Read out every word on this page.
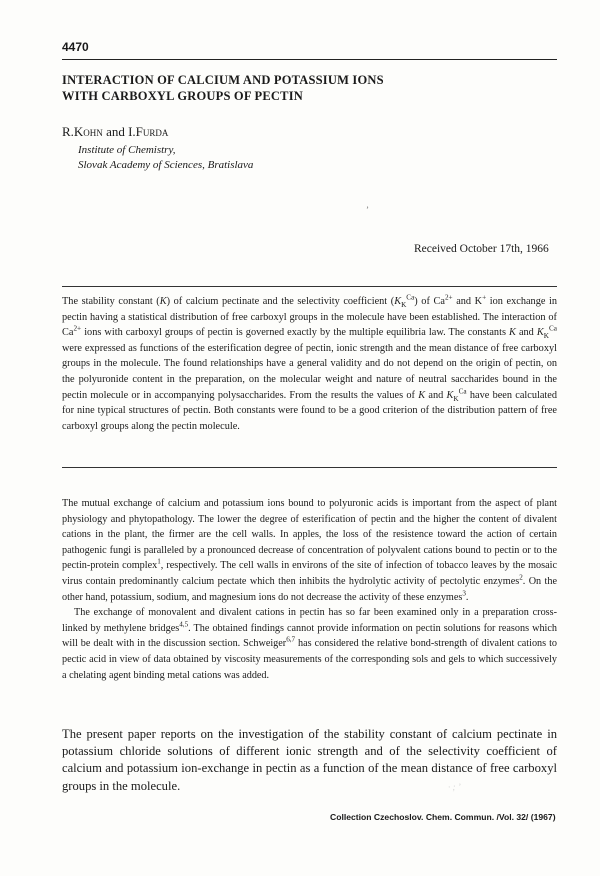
4470
INTERACTION OF CALCIUM AND POTASSIUM IONS
WITH CARBOXYL GROUPS OF PECTIN
R.Kohn and I.Furda
Institute of Chemistry,
Slovak Academy of Sciences, Bratislava
’
Received October 17th, 1966
The stability constant (K) of calcium pectinate and the selectivity coefficient $(K_K^{Ca})$ of $Ca^{2+}$ and K+ ion exchange in pectin having a statistical distribution of free carboxyl groups in the molecule have been established. The interaction of $Ca^{2+}$ ions with carboxyl groups of pectin is governed exactly by the multiple equilibria law. The constants K and $K_K^{Ca}$ were expressed as functions of the esterification degree of pectin, ionic strength and the mean distance of free carboxyl groups in the molecule. The found relationships have a general validity and do not depend on the origin of pectin, on the polyuronide content in the preparation, on the molecular weight and nature of neutral saccharides bound in the pectin molecule or in accompanying polysaccharides. From the results the values of K and $K_K^{Ca}$ have been calculated for nine typical structures of pectin. Both constants were found to be a good criterion of the distribution pattern of free carboxyl groups along the pectin molecule.

The mutual exchange of calcium and potassium ions bound to polyuronic acids is important from the aspect of plant physiology and phytopathology. The lower the degree of esterification of pectin and the higher the content of divalent cations in the plant, the firmer are the cell walls. In apples, the loss of the resistence toward the action of certain pathogenic fungi is paralleled by a pronounced decrease of concentration of polyvalent cations bound to pectin or to the pectin-protein complex$^1$, respectively. The cell walls in environs of the site of infection of tobacco leaves by the mosaic virus contain predominantly calcium pectate which then inhibits the hydrolytic activity of pectolytic enzymes$^2$. On the other hand, potassium, sodium, and magnesium ions do not decrease the activity of these enzymes$^3$.

The exchange of monovalent and divalent cations in pectin has so far been examined only in a preparation cross-linked by methylene bridges$^{4,5}$. The obtained findings cannot provide information on pectin solutions for reasons which will be dealt with in the discussion section. Schweiger$^{6,7}$ has considered the relative bond-strength of divalent cations to pectic acid in view of data obtained by viscosity measurements of the corresponding sols and gels to which successively a chelating agent binding metal cations was added.

The present paper reports on the investigation of the stability constant of calcium pectinate in potassium chloride solutions of different ionic strength and of the selectivity coefficient of calcium and potassium ion-exchange in pectin as a function of the mean distance of free carboxyl groups in the molecule.	· ; ’
Collection Czechoslov. Chem. Commun. /Vol. 32/ (1967)
